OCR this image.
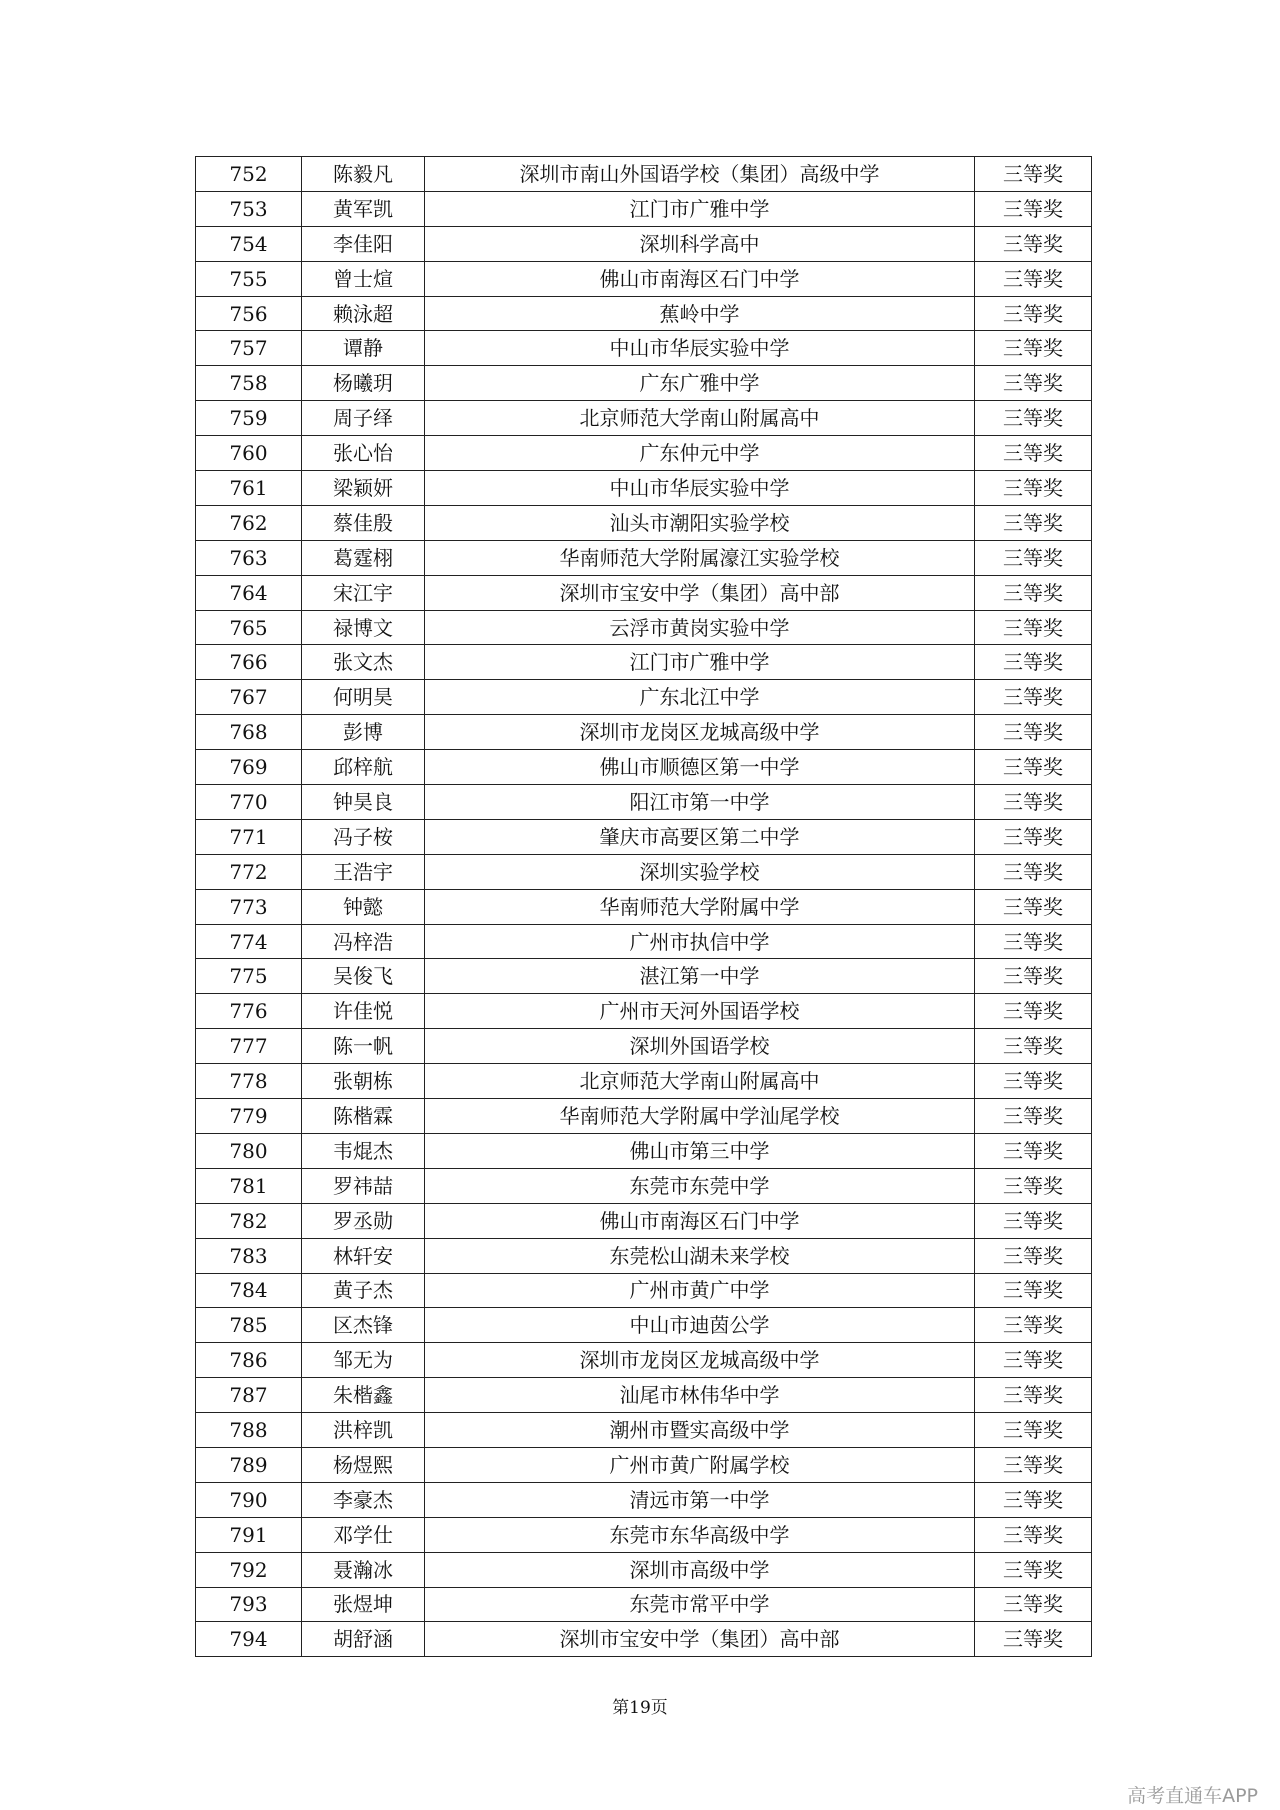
752	陈毅凡	深圳市南山外国语学校（集团）高级中学	三等奖
753	黄军凯	江门市广雅中学	三等奖
754	李佳阳	深圳科学高中	三等奖
755	曾士煊	佛山市南海区石门中学	三等奖
756	赖泳超	蕉岭中学	三等奖
757	谭静	中山市华辰实验中学	三等奖
758	杨曦玥	广东广雅中学	三等奖
759	周子绎	北京师范大学南山附属高中	三等奖
760	张心怡	广东仲元中学	三等奖
761	梁颖妍	中山市华辰实验中学	三等奖
762	蔡佳殷	汕头市潮阳实验学校	三等奖
763	葛霆栩	华南师范大学附属濠江实验学校	三等奖
764	宋江宇	深圳市宝安中学（集团）高中部	三等奖
765	禄博文	云浮市黄岗实验中学	三等奖
766	张文杰	江门市广雅中学	三等奖
767	何明昊	广东北江中学	三等奖
768	彭博	深圳市龙岗区龙城高级中学	三等奖
769	邱梓航	佛山市顺德区第一中学	三等奖
770	钟昊良	阳江市第一中学	三等奖
771	冯子桉	肇庆市高要区第二中学	三等奖
772	王浩宇	深圳实验学校	三等奖
773	钟懿	华南师范大学附属中学	三等奖
774	冯梓浩	广州市执信中学	三等奖
775	吴俊飞	湛江第一中学	三等奖
776	许佳悦	广州市天河外国语学校	三等奖
777	陈一帆	深圳外国语学校	三等奖
778	张朝栋	北京师范大学南山附属高中	三等奖
779	陈楷霖	华南师范大学附属中学汕尾学校	三等奖
780	韦焜杰	佛山市第三中学	三等奖
781	罗祎喆	东莞市东莞中学	三等奖
782	罗丞勋	佛山市南海区石门中学	三等奖
783	林轩安	东莞松山湖未来学校	三等奖
784	黄子杰	广州市黄广中学	三等奖
785	区杰锋	中山市迪茵公学	三等奖
786	邹无为	深圳市龙岗区龙城高级中学	三等奖
787	朱楷鑫	汕尾市林伟华中学	三等奖
788	洪梓凯	潮州市暨实高级中学	三等奖
789	杨煜熙	广州市黄广附属学校	三等奖
790	李豪杰	清远市第一中学	三等奖
791	邓学仕	东莞市东华高级中学	三等奖
792	聂瀚冰	深圳市高级中学	三等奖
793	张煜坤	东莞市常平中学	三等奖
794	胡舒涵	深圳市宝安中学（集团）高中部	三等奖
第19页
高考直通车APP
